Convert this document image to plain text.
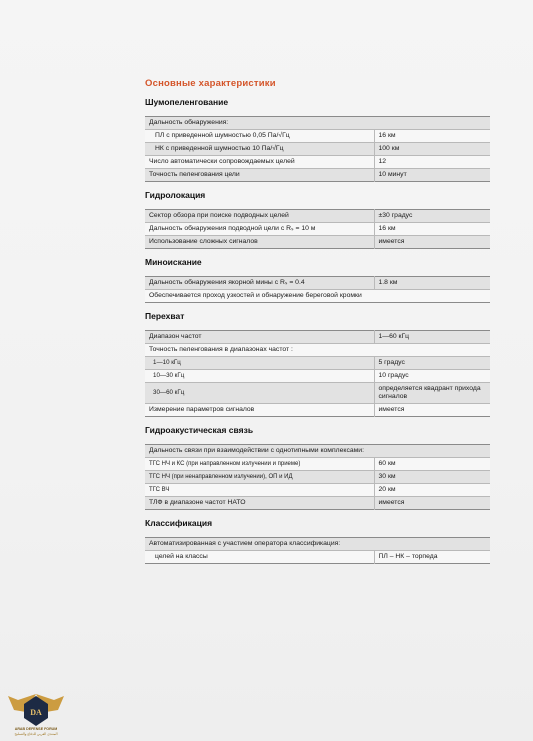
Основные характеристики
Шумопеленгование
Дальность обнаружения:	
ПЛ с приведенной шумностью 0,05 Па/√Гц	16 км
НК с приведенной шумностью 10 Па/√Гц	100 км
Число автоматически сопровождаемых целей	12
Точность пеленгования цели	10 минут
Гидролокация
Сектор обзора при поиске подводных целей	±30 градус
Дальность обнаружения подводной цели с Rₛ = 10 м	16 км
Использование сложных сигналов	имеется
Миноискание
Дальность обнаружения якорной мины с Rₛ = 0.4	1.8 км
Обеспечивается проход узкостей и обнаружение береговой кромки
Перехват
Диапазон частот	1—60 кГц
Точность пеленгования в диапазонах частот :	
1—10 кГц	5 градус
10—30 кГц	10 градус
30—60 кГц	определяется квадрант прихода сигналов
Измерение параметров сигналов	имеется
Гидроакустическая связь
Дальность связи при взаимодействии с однотипными комплексами:	
ТГС НЧ и КС (при направленном излучении и приеме)	60 км
ТГС НЧ (при ненаправленном излучении), ОП и ИД	30 км
ТГС ВЧ	20 км
ТЛФ в диапазоне частот НАТО	имеется
Классификация
Автоматизированная с участием оператора классификация:
целей на классы	ПЛ – НК – торпеда
DA
ARAB DEFENSE FORUM
المنتدى العربي للدفاع والتسليح
